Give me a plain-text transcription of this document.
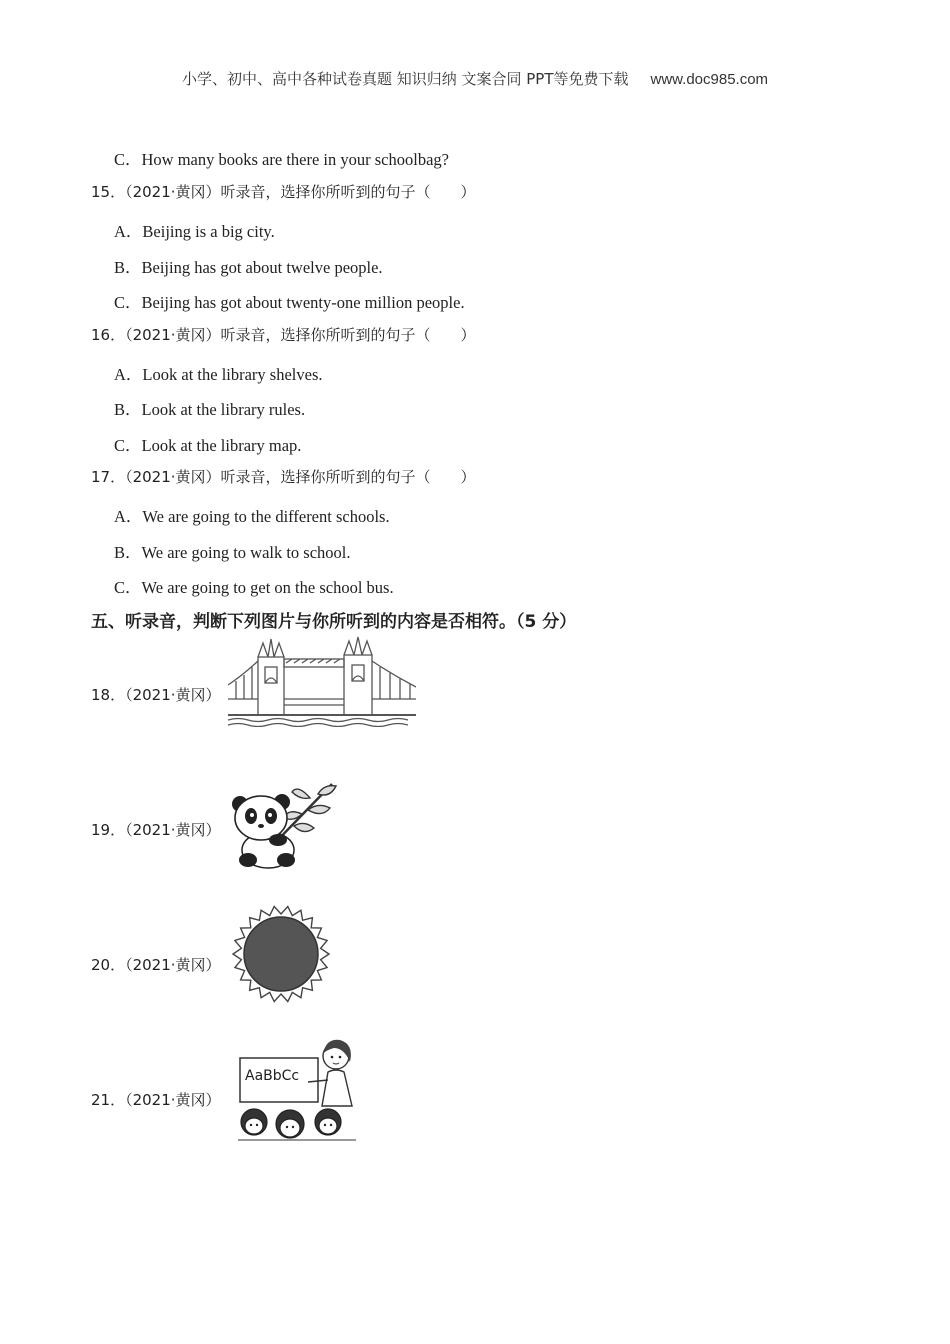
小学、初中、高中各种试卷真题 知识归纳 文案合同 PPT等免费下载 www.doc985.com
C．How many books are there in your schoolbag?
15．（2021·黄冈）听录音，选择你所听到的句子（　　）
A．Beijing is a big city.
B．Beijing has got about twelve people.
C．Beijing has got about twenty-one million people.
16．（2021·黄冈）听录音，选择你所听到的句子（　　）
A．Look at the library shelves.
B．Look at the library rules.
C．Look at the library map.
17．（2021·黄冈）听录音，选择你所听到的句子（　　）
A．We are going to the different schools.
B．We are going to walk to school.
C．We are going to get on the school bus.
五、听录音，判断下列图片与你所听到的内容是否相符。（5 分）
18．（2021·黄冈）
19．（2021·黄冈）
20．（2021·黄冈）
21．（2021·黄冈）
AaBbCc
